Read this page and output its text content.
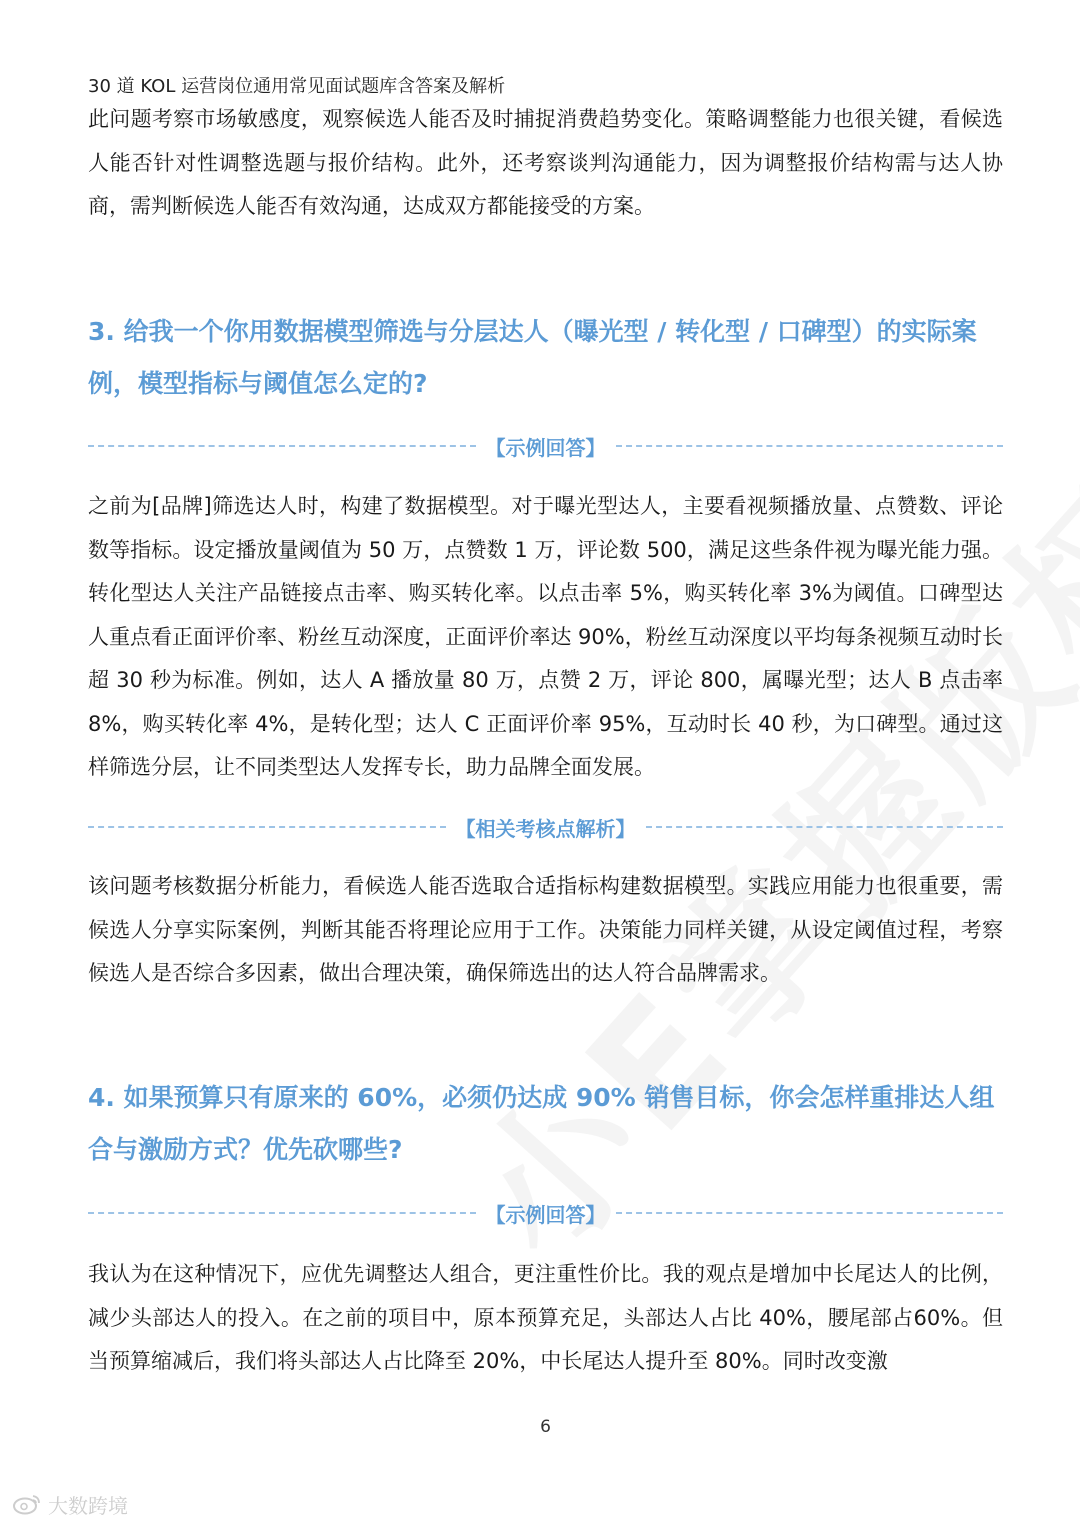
30 道 KOL 运营岗位通用常见面试题库含答案及解析

此问题考察市场敏感度，观察候选人能否及时捕捉消费趋势变化。策略调整能力也很关键，看候选人能否针对性调整选题与报价结构。此外，还考察谈判沟通能力，因为调整报价结构需与达人协商，需判断候选人能否有效沟通，达成双方都能接受的方案。

3. 给我一个你用数据模型筛选与分层达人（曝光型 / 转化型 / 口碑型）的实际案例，模型指标与阈值怎么定的?
【示例回答】

之前为[品牌]筛选达人时，构建了数据模型。对于曝光型达人，主要看视频播放量、点赞数、评论数等指标。设定播放量阈值为 50 万，点赞数 1 万，评论数 500，满足这些条件视为曝光能力强。转化型达人关注产品链接点击率、购买转化率。以点击率 5%，购买转化率 3%为阈值。口碑型达人重点看正面评价率、粉丝互动深度，正面评价率达 90%，粉丝互动深度以平均每条视频互动时长超 30 秒为标准。例如，达人 A 播放量 80 万，点赞 2 万，评论 800，属曝光型；达人 B 点击率 8%，购买转化率 4%，是转化型；达人 C 正面评价率 95%，互动时长 40 秒，为口碑型。通过这样筛选分层，让不同类型达人发挥专长，助力品牌全面发展。

【相关考核点解析】

该问题考核数据分析能力，看候选人能否选取合适指标构建数据模型。实践应用能力也很重要，需候选人分享实际案例，判断其能否将理论应用于工作。决策能力同样关键，从设定阈值过程，考察候选人是否综合多因素，做出合理决策，确保筛选出的达人符合品牌需求。

4. 如果预算只有原来的 60%，必须仍达成 90% 销售目标，你会怎样重排达人组合与激励方式？优先砍哪些?
【示例回答】

我认为在这种情况下，应优先调整达人组合，更注重性价比。我的观点是增加中长尾达人的比例，减少头部达人的投入。在之前的项目中，原本预算充足，头部达人占比 40%，腰尾部占60%。但当预算缩减后，我们将头部达人占比降至 20%，中长尾达人提升至 80%。同时改变激

6
大数跨境
